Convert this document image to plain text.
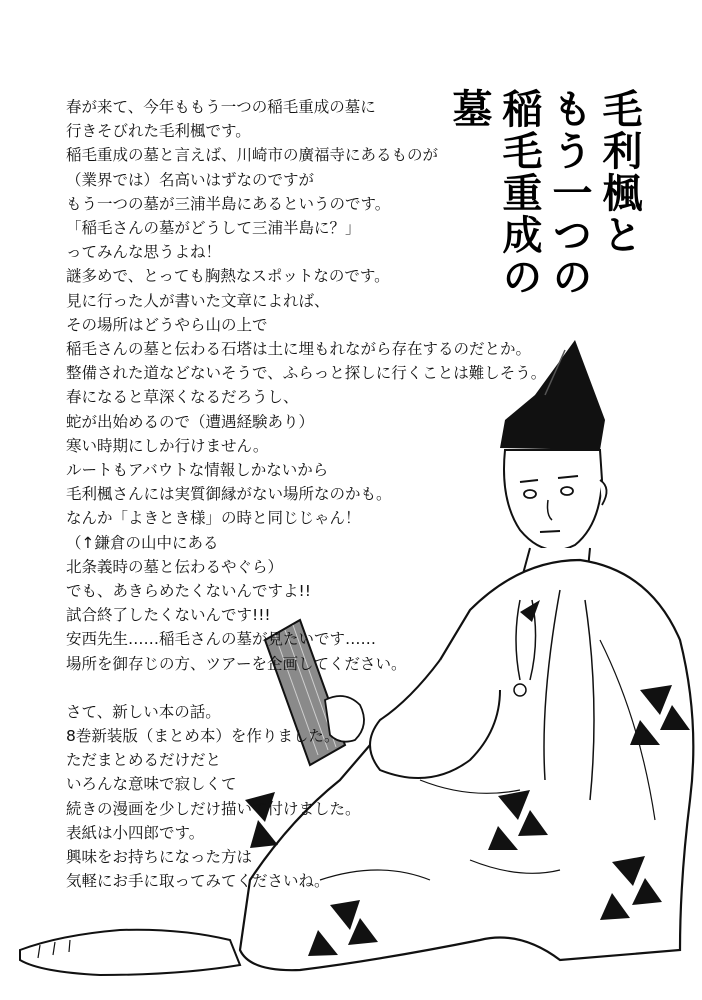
毛利楓と
もう一つの
稲毛重成の墓
春が来て、今年ももう一つの稲毛重成の墓に
行きそびれた毛利楓です。
稲毛重成の墓と言えば、川崎市の廣福寺にあるものが
（業界では）名高いはずなのですが
もう一つの墓が三浦半島にあるというのです。
「稲毛さんの墓がどうして三浦半島に？」
ってみんな思うよね！
謎多めで、とっても胸熱なスポットなのです。
見に行った人が書いた文章によれば、
その場所はどうやら山の上で
稲毛さんの墓と伝わる石塔は土に埋もれながら存在するのだとか。
整備された道などないそうで、ふらっと探しに行くことは難しそう。
春になると草深くなるだろうし、
蛇が出始めるので（遭遇経験あり）
寒い時期にしか行けません。
ルートもアバウトな情報しかないから
毛利楓さんには実質御縁がない場所なのかも。
なんか「よきとき様」の時と同じじゃん！
（↑鎌倉の山中にある
北条義時の墓と伝わるやぐら）
でも、あきらめたくないんですよ!!
試合終了したくないんです!!!
安西先生……稲毛さんの墓が見たいです……
場所を御存じの方、ツアーを企画してください。
さて、新しい本の話。
8巻新装版（まとめ本）を作りました。
ただまとめるだけだと
いろんな意味で寂しくて
続きの漫画を少しだけ描いて付けました。
表紙は小四郎です。
興味をお持ちになった方は
気軽にお手に取ってみてくださいね。
